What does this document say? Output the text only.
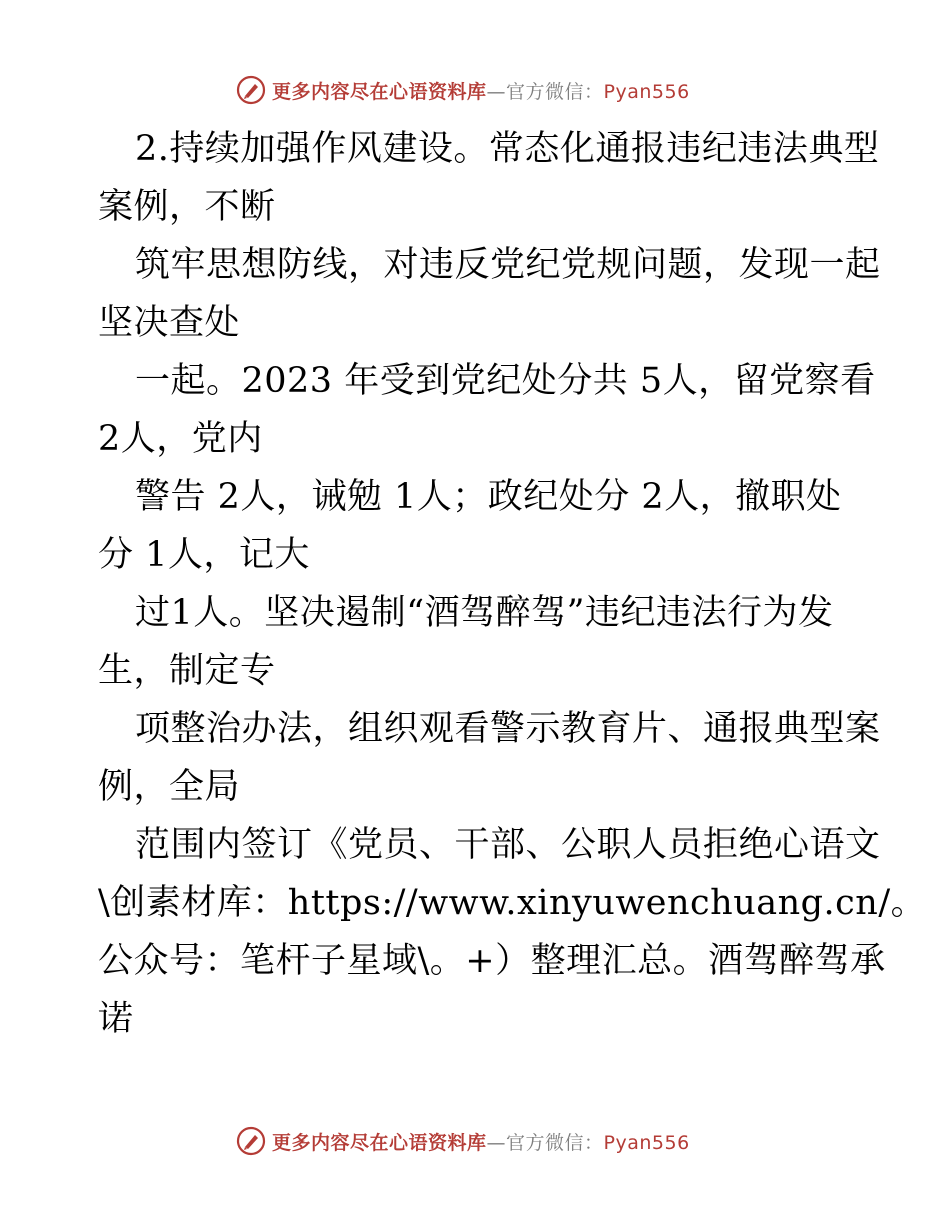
更多内容尽在心语资料库—官方微信：Pyan556
2.持续加强作风建设。常态化通报违纪违法典型
案例，不断
筑牢思想防线，对违反党纪党规问题，发现一起
坚决查处
一起。2023 年受到党纪处分共 5人，留党察看
2人，党内
警告 2人，诫勉 1人；政纪处分 2人，撤职处
分 1人，记大
过1人。坚决遏制“酒驾醉驾”违纪违法行为发
生，制定专
项整治办法，组织观看警示教育片、通报典型案
例，全局
范围内签订《党员、干部、公职人员拒绝心语文
\创素材库：https://www.xinyuwenchuang.cn/。
公众号：笔杆子星域\。+）整理汇总。酒驾醉驾承
诺
更多内容尽在心语资料库—官方微信：Pyan556
